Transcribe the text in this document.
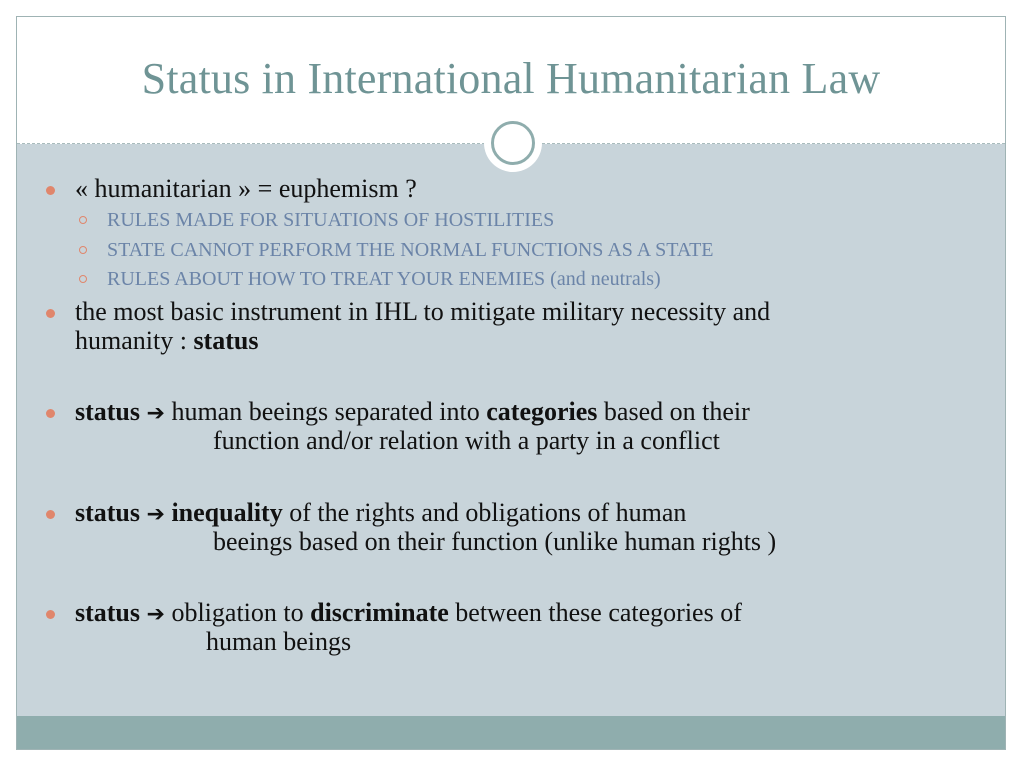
Status in International Humanitarian Law
« humanitarian » = euphemism ?
RULES MADE FOR SITUATIONS OF HOSTILITIES
STATE CANNOT PERFORM THE NORMAL FUNCTIONS AS A STATE
RULES ABOUT HOW TO TREAT YOUR ENEMIES (and neutrals)
the most basic instrument in IHL to mitigate military necessity and
humanity : status
status ➔ human beeings separated into categories based on their
function and/or relation with a party in a conflict
status ➔ inequality of the rights and obligations of human
beeings based on their function (unlike human rights )
status ➔ obligation to discriminate between these categories of
human beings
